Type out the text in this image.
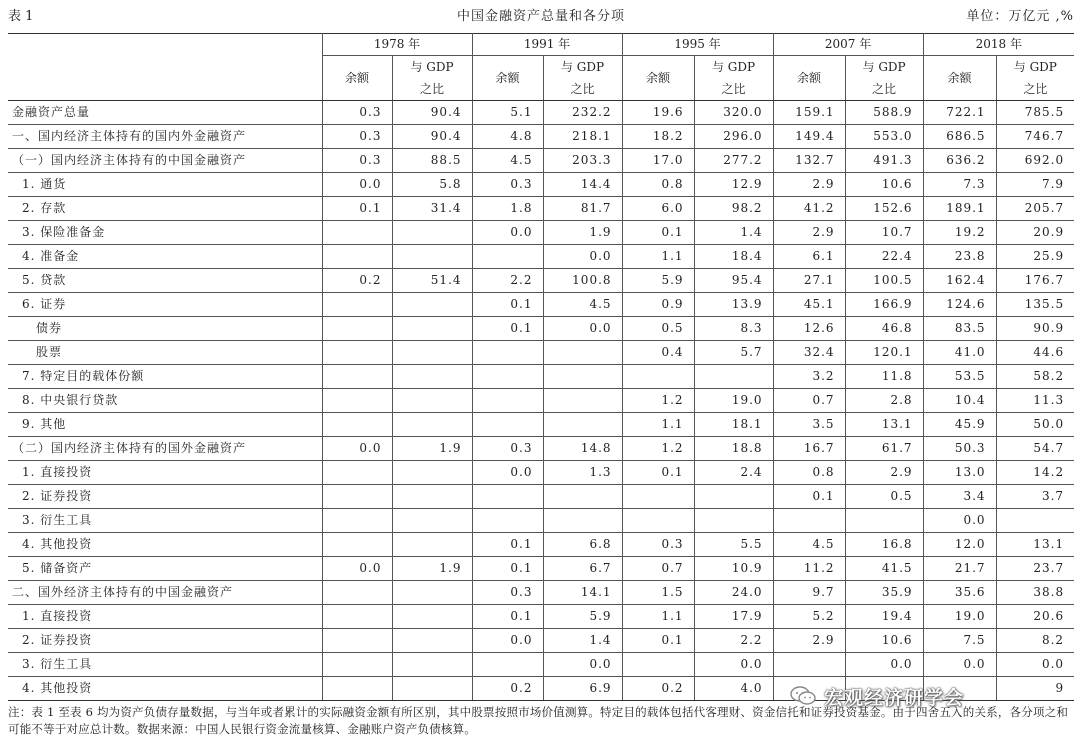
表 1	中国金融资产总量和各分项	单位：万亿元 ,%
	1978 年		1991 年		1995 年		2007 年		2018 年	
	余额	与 GDP	余额	与 GDP	余额	与 GDP	余额	与 GDP	余额	与 GDP
		之比		之比		之比		之比		之比
金融资产总量	0.3	90.4	5.1	232.2	19.6	320.0	159.1	588.9	722.1	785.5
一、国内经济主体持有的国内外金融资产	0.3	90.4	4.8	218.1	18.2	296.0	149.4	553.0	686.5	746.7
（一）国内经济主体持有的中国金融资产	0.3	88.5	4.5	203.3	17.0	277.2	132.7	491.3	636.2	692.0
1. 通货	0.0	5.8	0.3	14.4	0.8	12.9	2.9	10.6	7.3	7.9
2. 存款	0.1	31.4	1.8	81.7	6.0	98.2	41.2	152.6	189.1	205.7
3. 保险准备金			0.0	1.9	0.1	1.4	2.9	10.7	19.2	20.9
4. 准备金				0.0	1.1	18.4	6.1	22.4	23.8	25.9
5. 贷款	0.2	51.4	2.2	100.8	5.9	95.4	27.1	100.5	162.4	176.7
6. 证券			0.1	4.5	0.9	13.9	45.1	166.9	124.6	135.5
债券			0.1	0.0	0.5	8.3	12.6	46.8	83.5	90.9
股票					0.4	5.7	32.4	120.1	41.0	44.6
7. 特定目的载体份额							3.2	11.8	53.5	58.2
8. 中央银行贷款					1.2	19.0	0.7	2.8	10.4	11.3
9. 其他					1.1	18.1	3.5	13.1	45.9	50.0
（二）国内经济主体持有的国外金融资产	0.0	1.9	0.3	14.8	1.2	18.8	16.7	61.7	50.3	54.7
1. 直接投资			0.0	1.3	0.1	2.4	0.8	2.9	13.0	14.2
2. 证券投资							0.1	0.5	3.4	3.7
3. 衍生工具									0.0	
4. 其他投资			0.1	6.8	0.3	5.5	4.5	16.8	12.0	13.1
5. 储备资产	0.0	1.9	0.1	6.7	0.7	10.9	11.2	41.5	21.7	23.7
二、国外经济主体持有的中国金融资产			0.3	14.1	1.5	24.0	9.7	35.9	35.6	38.8
1. 直接投资			0.1	5.9	1.1	17.9	5.2	19.4	19.0	20.6
2. 证券投资			0.0	1.4	0.1	2.2	2.9	10.6	7.5	8.2
3. 衍生工具				0.0		0.0		0.0	0.0	0.0
4. 其他投资			0.2	6.9	0.2	4.0				9
注：表 1 至表 6 均为资产负债存量数据，与当年或者累计的实际融资金额有所区别，其中股票按照市场价值测算。特定目的载体包括代客理财、资金信托和证券投资基金。由于四舍五入的关系，各分项之和可能不等于对应总计数。数据来源：中国人民银行资金流量核算、金融账户资产负债核算。
宏观经济研学会
